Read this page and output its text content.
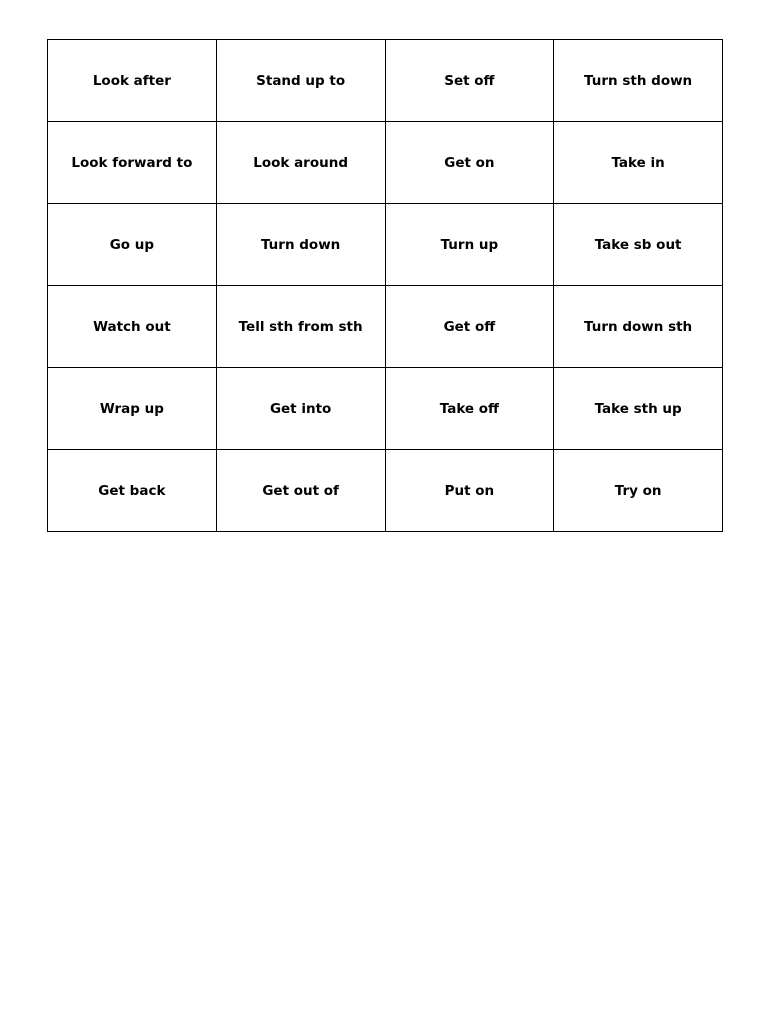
Look after	Stand up to	Set off	Turn sth down
Look forward to	Look around	Get on	Take in
Go up	Turn down	Turn up	Take sb out
Watch out	Tell sth from sth	Get off	Turn down sth
Wrap up	Get into	Take off	Take sth up
Get back	Get out of	Put on	Try on
